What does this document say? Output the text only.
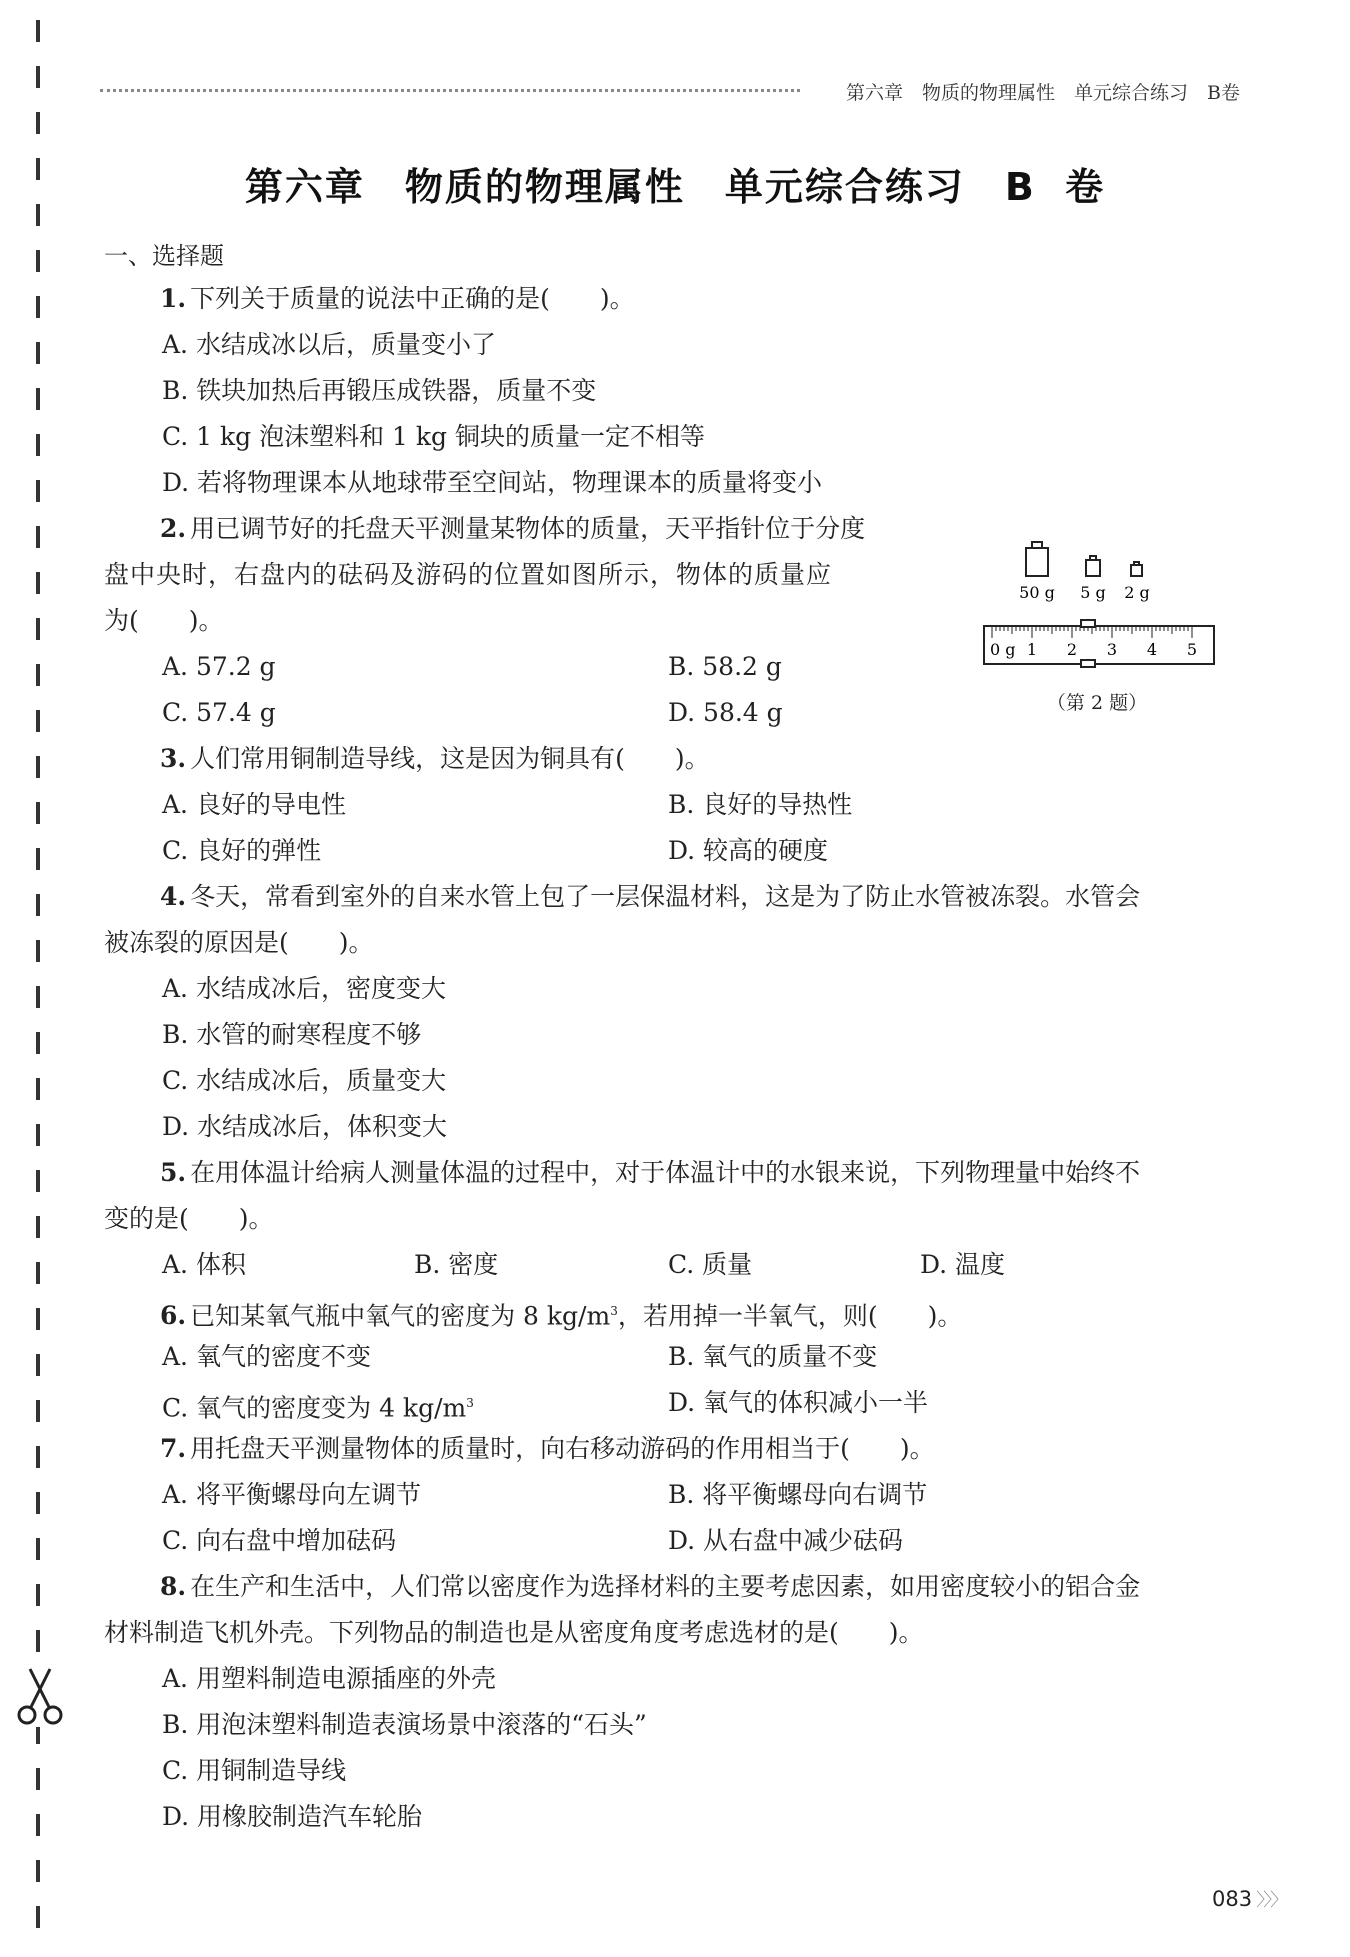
第六章　物质的物理属性　单元综合练习　B卷
第六章　物质的物理属性　单元综合练习　B 卷
一、选择题
1. 下列关于质量的说法中正确的是(　　)。
A. 水结成冰以后，质量变小了
B. 铁块加热后再锻压成铁器，质量不变
C. 1 kg 泡沫塑料和 1 kg 铜块的质量一定不相等
D. 若将物理课本从地球带至空间站，物理课本的质量将变小
2. 用已调节好的托盘天平测量某物体的质量，天平指针位于分度
盘中央时，右盘内的砝码及游码的位置如图所示，物体的质量应
为(　　)。
A. 57.2 g	B. 58.2 g
C. 57.4 g	D. 58.4 g
50 g 5 g 2 g
0 g 1 2 3 4 5
（第 2 题）
3. 人们常用铜制造导线，这是因为铜具有(　　)。
A. 良好的导电性	B. 良好的导热性
C. 良好的弹性	D. 较高的硬度
4. 冬天，常看到室外的自来水管上包了一层保温材料，这是为了防止水管被冻裂。水管会
被冻裂的原因是(　　)。
A. 水结成冰后，密度变大
B. 水管的耐寒程度不够
C. 水结成冰后，质量变大
D. 水结成冰后，体积变大
5. 在用体温计给病人测量体温的过程中，对于体温计中的水银来说，下列物理量中始终不
变的是(　　)。
A. 体积	B. 密度	C. 质量	D. 温度
6. 已知某氧气瓶中氧气的密度为 8 $kg/m^3$，若用掉一半氧气，则(　　)。
A. 氧气的密度不变	B. 氧气的质量不变
C. 氧气的密度变为 4 $kg/m^3$	D. 氧气的体积减小一半
7. 用托盘天平测量物体的质量时，向右移动游码的作用相当于(　　)。
A. 将平衡螺母向左调节	B. 将平衡螺母向右调节
C. 向右盘中增加砝码	D. 从右盘中减少砝码
8. 在生产和生活中，人们常以密度作为选择材料的主要考虑因素，如用密度较小的铝合金
材料制造飞机外壳。下列物品的制造也是从密度角度考虑选材的是(　　)。
A. 用塑料制造电源插座的外壳
B. 用泡沫塑料制造表演场景中滚落的“石头”
C. 用铜制造导线
D. 用橡胶制造汽车轮胎
083 〉〉〉
